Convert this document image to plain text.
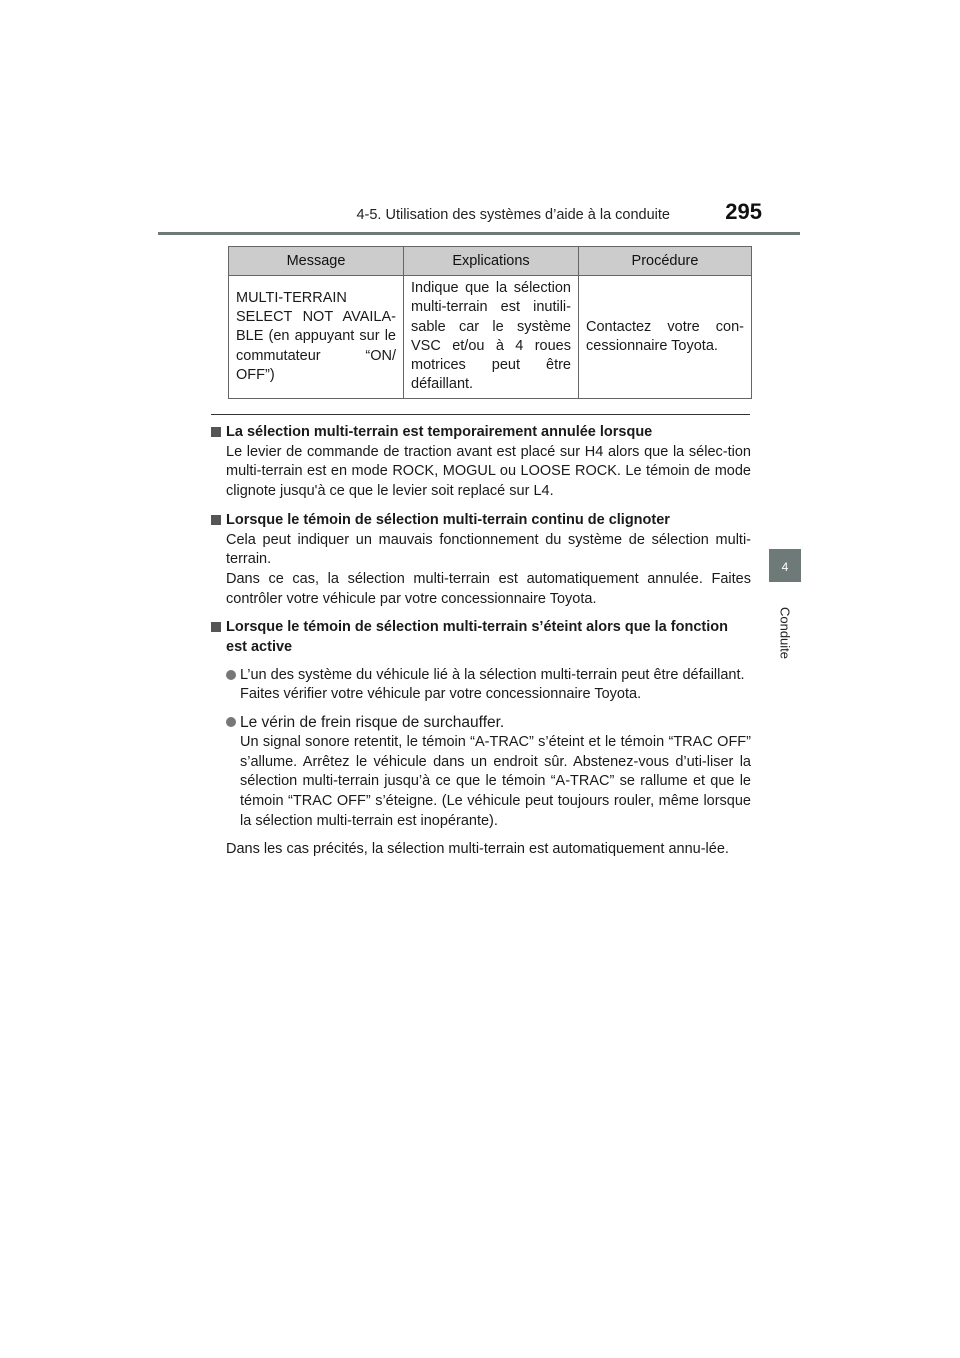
4-5. Utilisation des systèmes d’aide à la conduite	295
4
Conduite
Message	Explications	Procédure
MULTI-TERRAIN SELECT NOT AVAILA-BLE (en appuyant sur le commutateur “ON/ OFF”)	Indique que la sélection multi-terrain est inutili-sable car le système VSC et/ou à 4 roues motrices peut être défaillant.	Contactez votre con-cessionnaire Toyota.
La sélection multi-terrain est temporairement annulée lorsque
Le levier de commande de traction avant est placé sur H4 alors que la sélec-tion multi-terrain est en mode ROCK, MOGUL ou LOOSE ROCK. Le témoin de mode clignote jusqu'à ce que le levier soit replacé sur L4.
Lorsque le témoin de sélection multi-terrain continu de clignoter
Cela peut indiquer un mauvais fonctionnement du système de sélection multi-terrain.
Dans ce cas, la sélection multi-terrain est automatiquement annulée. Faites contrôler votre véhicule par votre concessionnaire Toyota.
Lorsque le témoin de sélection multi-terrain s’éteint alors que la fonction est active
L’un des système du véhicule lié à la sélection multi-terrain peut être défaillant.
Faites vérifier votre véhicule par votre concessionnaire Toyota.
Le vérin de frein risque de surchauffer.
Un signal sonore retentit, le témoin “A-TRAC” s’éteint et le témoin “TRAC OFF” s’allume. Arrêtez le véhicule dans un endroit sûr. Abstenez-vous d’uti-liser la sélection multi-terrain jusqu’à ce que le témoin “A-TRAC” se rallume et que le témoin “TRAC OFF” s’éteigne. (Le véhicule peut toujours rouler, même lorsque la sélection multi-terrain est inopérante).
Dans les cas précités, la sélection multi-terrain est automatiquement annu-lée.
